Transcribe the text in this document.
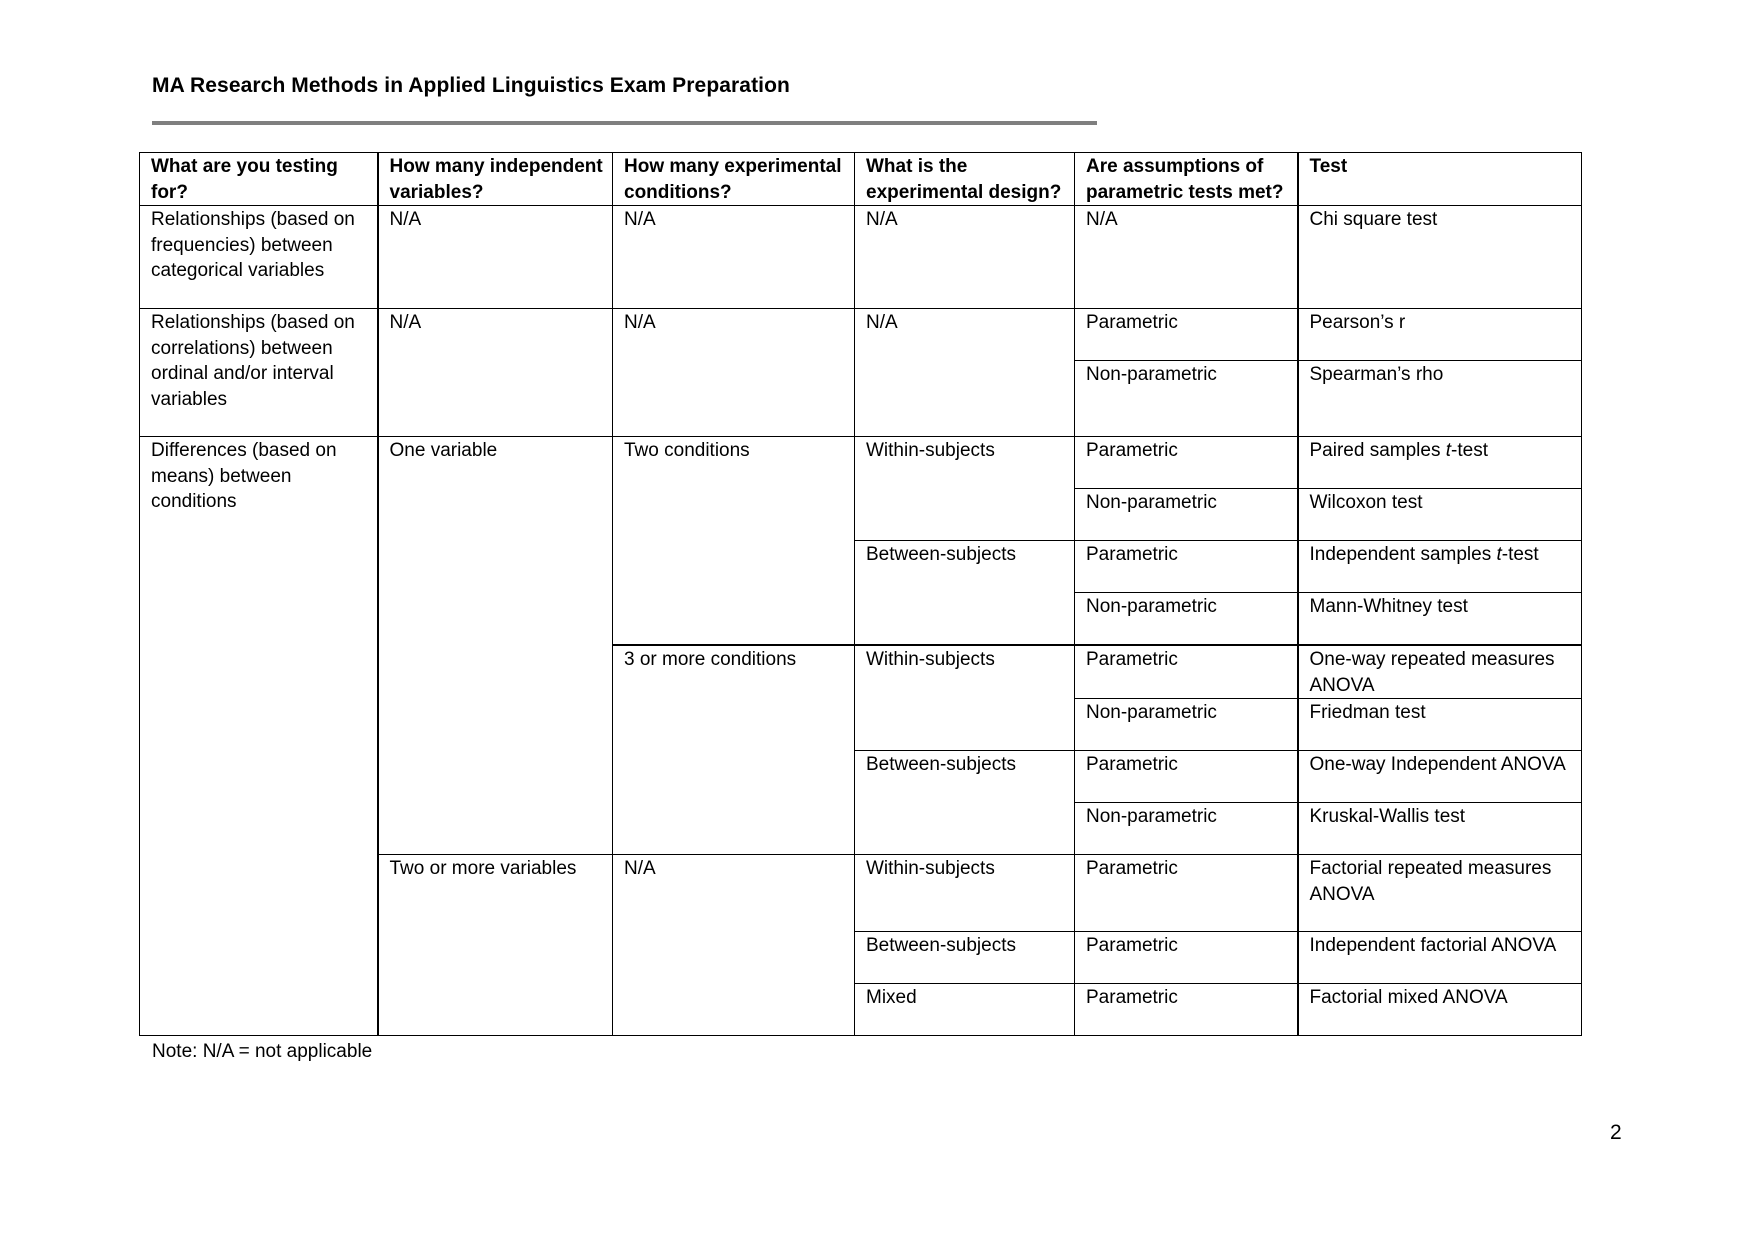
MA Research Methods in Applied Linguistics Exam Preparation
What are you testing for?	How many independent variables?	How many experimental conditions?	What is the experimental design?	Are assumptions of parametric tests met?	Test
Relationships (based on frequencies) between categorical variables	N/A	N/A	N/A	N/A	Chi square test
Relationships (based on correlations) between ordinal and/or interval variables	N/A	N/A	N/A	Parametric	Pearson’s r
				Non-parametric	Spearman’s rho
Differences (based on means) between conditions	One variable	Two conditions	Within-subjects	Parametric	Paired samples t-test
				Non-parametric	Wilcoxon test
			Between-subjects	Parametric	Independent samples t-test
				Non-parametric	Mann-Whitney test
		3 or more conditions	Within-subjects	Parametric	One-way repeated measures ANOVA
				Non-parametric	Friedman test
			Between-subjects	Parametric	One-way Independent ANOVA
				Non-parametric	Kruskal-Wallis test
	Two or more variables	N/A	Within-subjects	Parametric	Factorial repeated measures ANOVA
			Between-subjects	Parametric	Independent factorial ANOVA
			Mixed	Parametric	Factorial mixed ANOVA
Note: N/A = not applicable
2
